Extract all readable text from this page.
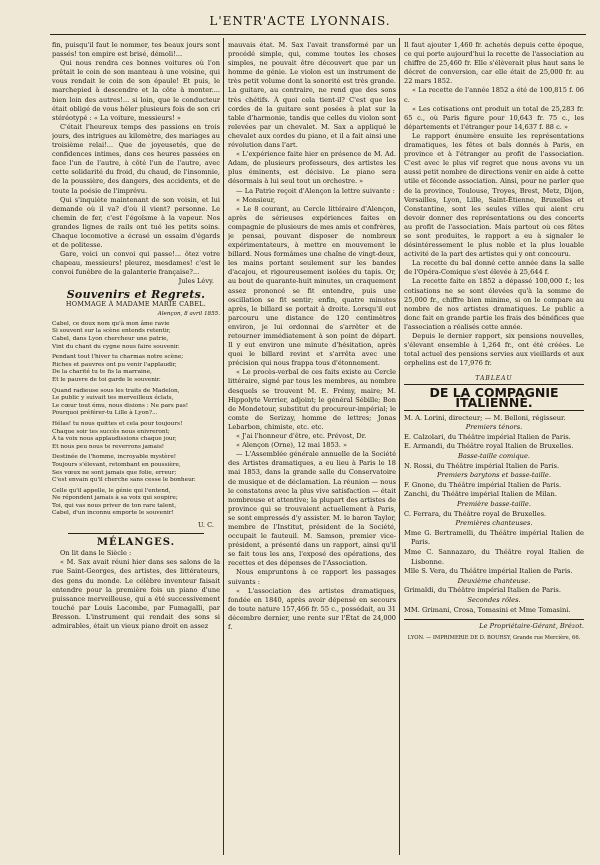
L'ENTR'ACTE LYONNAIS.

fin, puisqu'il faut le nommer, tes beaux jours sont passés! ton empire est brisé, démoli!...

Qui nous rendra ces bonnes voitures où l'on prêtait le coin de son manteau à une voisine, qui vous rendait le coin de son épaule! Et puis, le marchepied à descendre et la côte à monter.... bien loin des autres!... si loin, que le conducteur était obligé de vous héler plusieurs fois de son cri stéréotypé : « La voiture, messieurs! »

C'était l'heureux temps des passions en trois jours, des intrigues au kilomètre, des mariages au troisième relai!... Que de joyeusetés, que de confidences intimes, dans ces heures passées en face l'un de l'autre, à côté l'un de l'autre, avec cette solidarité du froid, du chaud, de l'insomnie, de la poussière, des dangers, des accidents, et de toute la poésie de l'imprévu.

Qui s'inquiète maintenant de son voisin, et lui demande où il va? d'où il vient? personne. Le chemin de fer, c'est l'égoïsme à la vapeur. Nos grandes lignes de rails ont tué les petits soins. Chaque locomotive a écrasé un essaim d'égards et de politesse.

Gare, voici un convoi qui passe!... ôtez votre chapeau, messieurs! pleurez, mesdames! c'est le convoi funèbre de la galanterie française?...

Jules Lévy.

Souvenirs et Regrets.
HOMMAGE À MADAME MARIE CABEL.
Alençon, 8 avril 1855.
Cabel, ce doux nom qu'à mon âme ravie
Si souvent sur la scène entends retentir,
Cabel, dans Lyon chercheur une patrie,
Vint du chant du cygne nous faire souvenir.
Pendant tout l'hiver tu charmas notre scène;
Riches et pauvres ont pu venir l'applaudir,
De la charité tu te fis la marraine,
Et le pauvre de toi garde le souvenir.
Quand radieuse sous les traits de Madelon,
Le public y suivait tes merveilleux éclats,
Le cœur tout ému, nous disions : Ne pars pas!
Pourquoi préférer-tu Lille à Lyon?...
Hélas! tu nous quittes et cela pour toujours!
Chaque soir tes succès nous enivreront;
À ta voix nous applaudissions chaque jour,
Et nous peu nous te reverrons jamais!
Destinée de l'homme, incroyable mystère!
Toujours s'élevant, retombant en poussière,
Ses vœux ne sont jamais que folie, erreur;
C'est envain qu'il cherche sans cesse le bonheur.
Celle qu'il appelle, le génie qui l'entend,
Ne répondent jamais à sa voix qui soupire;
Toi, qui vas nous priver de ton rare talent,
Cabel, d'un inconnu emporte le souvenir!

U. C.

MÉLANGES.

On lit dans le Siècle :

« M. Sax avait réuni hier dans ses salons de la rue Saint-Georges, des artistes, des littérateurs, des gens du monde. Le célèbre inventeur faisait entendre pour la première fois un piano d'une puissance merveilleuse, qui a été successivement touché par Louis Lacombe, par Fumagalli, par Bresson. L'instrument qui rendait des sons si admirables, était un vieux piano droit en assez

mauvais état. M. Sax l'avait transformé par un procédé simple, qui, comme toutes les choses simples, ne pouvait être découvert que par un homme de génie. Le violon est un instrument de très petit volume dont la sonorité est très grande. La guitare, au contraire, ne rend que des sons très chétifs. À quoi cela tient-il? C'est que les cordes de la guitare sont posées à plat sur la table d'harmonie, tandis que celles du violon sont relevées par un chevalet. M. Sax a appliqué le chevalet aux cordes du piano, et il a fait ainsi une révolution dans l'art.

« L'expérience faite hier en présence de M. Ad. Adam, de plusieurs professeurs, des artistes les plus éminents, est décisive. Le piano sera désormais à lui seul tout un orchestre. »

— La Patrie reçoit d'Alençon la lettre suivante :

« Monsieur,

« Le 8 courant, au Cercle littéraire d'Alençon, après de sérieuses expériences faites en compagnie de plusieurs de mes amis et confrères, je pensai, pouvant disposer de nombreux expérimentateurs, à mettre en mouvement le billard. Nous formâmes une chaîne de vingt-deux, les mains portant seulement sur les bandes d'acajou, et rigoureusement isolées du tapis. Or, au bout de quarante-huit minutes, un craquement assez prononcé se fit entendre, puis une oscillation se fit sentir; enfin, quatre minutes après, le billard se portait à droite. Lorsqu'il eut parcouru une distance de 120 centimètres environ, je lui ordonnai de s'arrêter et de retourner immédiatement à son point de départ. Il y eut environ une minute d'hésitation, après quoi le billard revint et s'arrêta avec une précision qui nous frappa tous d'étonnement.

« Le procès-verbal de ces faits existe au Cercle littéraire, signé par tous les membres, au nombre desquels se trouvent M. E. Frémy, maire; M. Hippolyte Verrier, adjoint; le général Sébille; Bon de Mondetour, substitut du procureur-impérial; le comte de Serizay, homme de lettres; Jonas Lebarbon, chimiste, etc. etc.

« J'ai l'honneur d'être, etc. Prévost, Dr.

« Alençon (Orne), 12 mai 1853. »

— L'Assemblée générale annuelle de la Société des Artistes dramatiques, a eu lieu à Paris le 18 mai 1853, dans la grande salle du Conservatoire de musique et de déclamation. La réunion — nous le constatons avec la plus vive satisfaction — était nombreuse et attentive; la plupart des artistes de province qui se trouvaient actuellement à Paris, se sont empressés d'y assister. M. le baron Taylor, membre de l'Institut, président de la Société, occupait le fauteuil. M. Samson, premier vice-président, a présenté dans un rapport, ainsi qu'il se fait tous les ans, l'exposé des opérations, des recettes et des dépenses de l'Association.

Nous empruntons à ce rapport les passages suivants :

« L'association des artistes dramatiques, fondée en 1840, après avoir dépensé en secours de toute nature 157,466 fr. 55 c., possédait, au 31 décembre dernier, une rente sur l'État de 24,000 f.

Il faut ajouter 1,460 fr. achetés depuis cette époque, ce qui porte aujourd'hui la recette de l'association au chiffre de 25,460 fr. Elle s'élèverait plus haut sans le décret de conversion, car elle était de 25,000 fr. au 22 mars 1852.

« La recette de l'année 1852 a été de 100,815 f. 06 c.

« Les cotisations ont produit un total de 25,283 fr. 65 c., où Paris figure pour 10,643 fr. 75 c., les départements et l'étranger pour 14,637 f. 88 c. »

Le rapport énumère ensuite les représentations dramatiques, les fêtes et bals donnés à Paris, en province et à l'étranger au profit de l'association. C'est avec le plus vif regret que nous avons vu un aussi petit nombre de directions venir en aide à cette utile et féconde association. Ainsi, pour ne parler que de la province, Toulouse, Troyes, Brest, Metz, Dijon, Versailles, Lyon, Lille, Saint-Étienne, Bruxelles et Constantine, sont les seules villes qui aient cru devoir donner des représentations ou des concerts au profit de l'association. Mais partout où ces fêtes se sont produites, le rapport a eu à signaler le désintéressement le plus noble et la plus louable activité de la part des artistes qui y ont concouru.

La recette du bal donné cette année dans la salle de l'Opéra-Comique s'est élevée à 25,644 f.

La recette faite en 1852 a dépassé 100,000 f.; les cotisations ne se sont élevées qu'à la somme de 25,000 fr., chiffre bien minime, si on le compare au nombre de nos artistes dramatiques. Le public a donc fait en grande partie les frais des bénéfices que l'association a réalisés cette année.

Depuis le dernier rapport, six pensions nouvelles, s'élevant ensemble à 1,264 fr., ont été créées. Le total actuel des pensions servies aux vieillards et aux orphelins est de 17,976 fr.

TABLEAU
DE LA COMPAGNIE ITALIENNE.
M. A. Lorini, directeur; — M. Belloni, régisseur.
Premiers ténors.
E. Calzolari, du Théâtre impérial Italien de Paris.
E. Armandi, du Théâtre royal Italien de Bruxelles.
Basse-taille comique.
N. Rossi, du Théâtre impérial Italien de Paris.
Premiers barytons et basse-taille.
F. Gnone, du Théâtre impérial Italien de Paris.
Zanchi, du Théâtre impérial Italien de Milan.
Première basse-taille.
C. Ferrara, du Théâtre royal de Bruxelles.
Premières chanteuses.
Mme G. Bertramelli, du Théâtre impérial Italien de Paris.
Mme C. Sannazaro, du Théâtre royal Italien de Lisbonne.
Mlle S. Vera, du Théâtre impérial Italien de Paris.
Deuxième chanteuse.
Grimaldi, du Théâtre impérial Italien de Paris.
Secondes rôles.
MM. Grimani, Crosa, Tomasini et Mme Tomasini.

Le Propriétaire-Gérant, Brézot.

LYON. — IMPRIMERIE DE D. BOURSY, Grande rue Mercière, 66.
